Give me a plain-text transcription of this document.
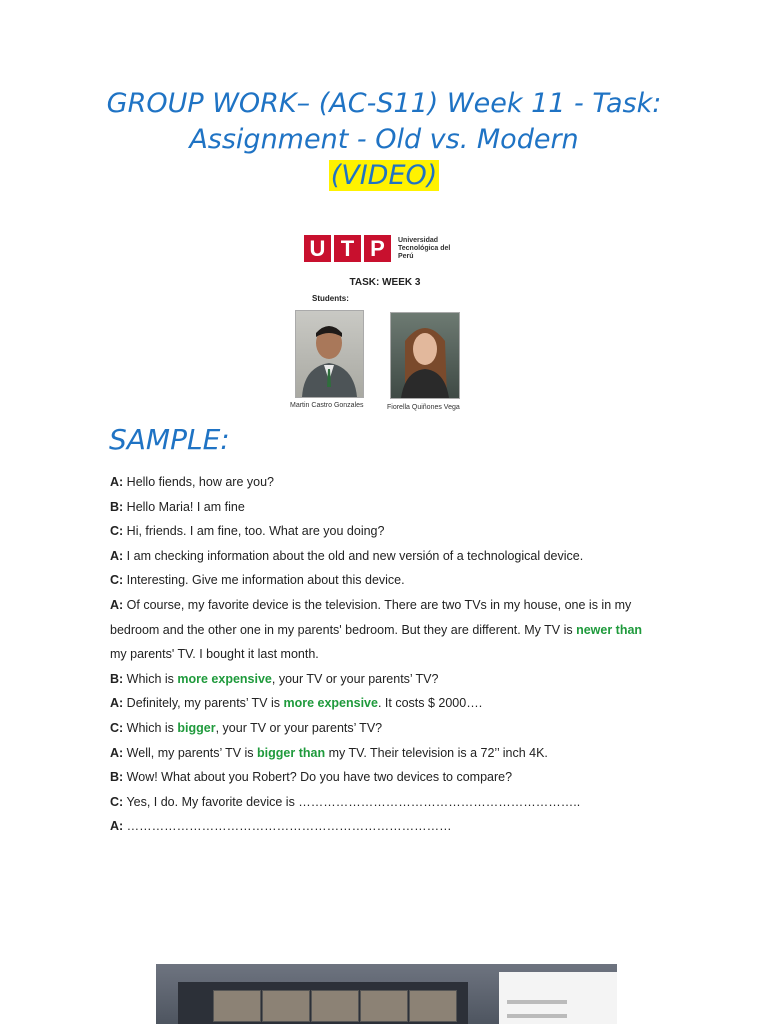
GROUP WORK– (AC-S11) Week 11 - Task:
Assignment - Old vs. Modern
(VIDEO)
U T P	Universidad Tecnológica del Perú
TASK: WEEK 3
Students:
Martin Castro Gonzales	Fiorella Quiñones Vega
SAMPLE:

A: Hello fiends, how are you?

B: Hello Maria! I am fine

C: Hi, friends. I am fine, too. What are you doing?

A: I am checking information about the old and new versión of a technological device.

C: Interesting. Give me information about this device.

A: Of course, my favorite device is the television. There are two TVs in my house, one is in my bedroom and the other one in my parents' bedroom. But they are different. My TV is newer than my parents' TV. I bought it last month.

B: Which is more expensive, your TV or your parents’ TV?

A: Definitely, my parents’ TV is more expensive. It costs $ 2000….

C: Which is bigger, your TV or your parents’ TV?

A: Well, my parents’ TV is bigger than my TV. Their television is a 72’’ inch 4K.

B: Wow! What about you Robert? Do you have two devices to compare?

C: Yes, I do. My favorite device is …………………………………………………………..

A: ……………………………………………………………………
